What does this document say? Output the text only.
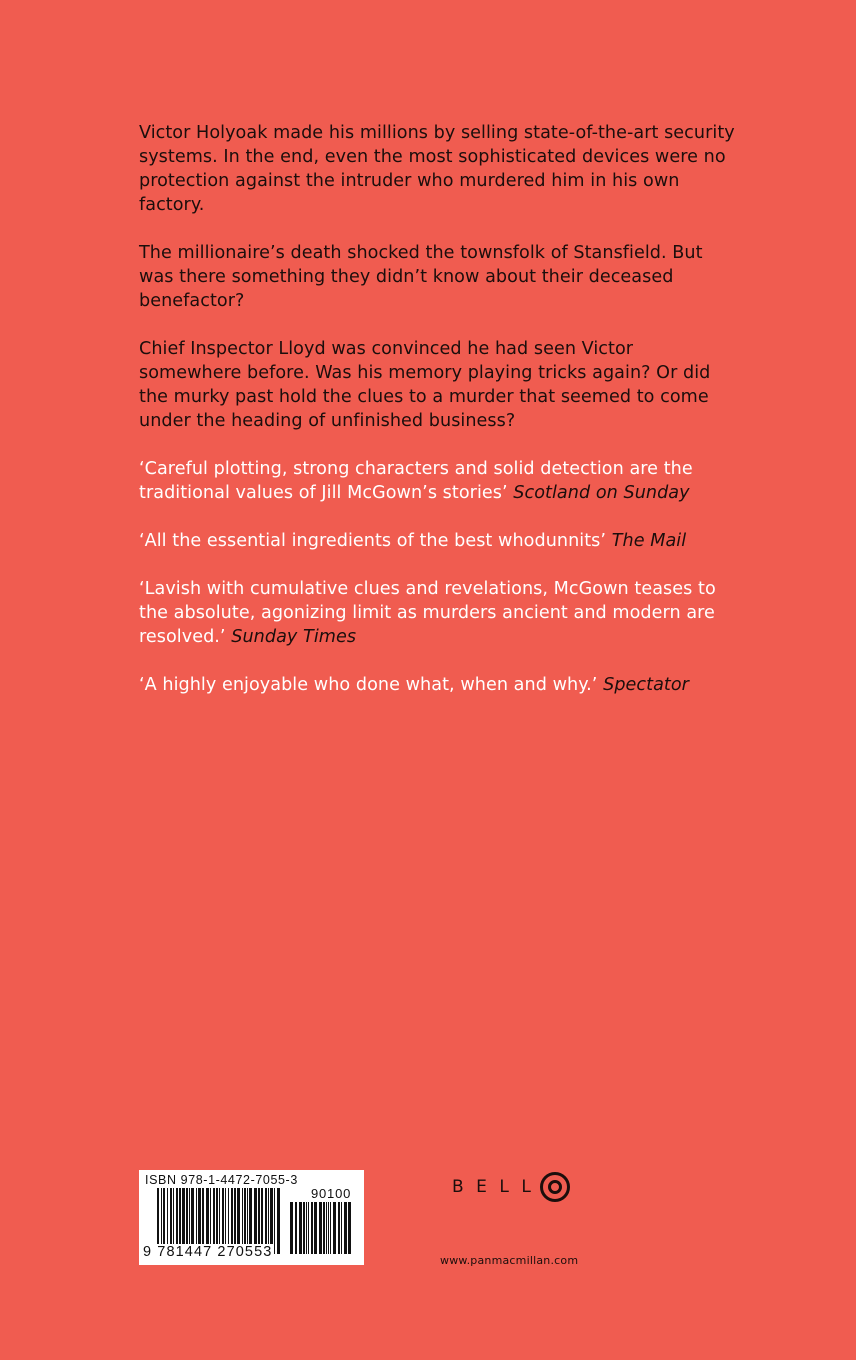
Victor Holyoak made his millions by selling state-of-the-art security systems. In the end, even the most sophisticated devices were no protection against the intruder who murdered him in his own factory.

The millionaire’s death shocked the townsfolk of Stansfield. But was there something they didn’t know about their deceased benefactor?

Chief Inspector Lloyd was convinced he had seen Victor somewhere before. Was his memory playing tricks again? Or did the murky past hold the clues to a murder that seemed to come under the heading of unfinished business?

‘Careful plotting, strong characters and solid detection are the traditional values of Jill McGown’s stories’ Scotland on Sunday

‘All the essential ingredients of the best whodunnits’ The Mail

‘Lavish with cumulative clues and revelations, McGown teases to the absolute, agonizing limit as murders ancient and modern are resolved.’ Sunday Times

‘A highly enjoyable who done what, when and why.’ Spectator

ISBN 978-1-4472-7055-3
90100
9 781447 270553
BELL
www.panmacmillan.com
